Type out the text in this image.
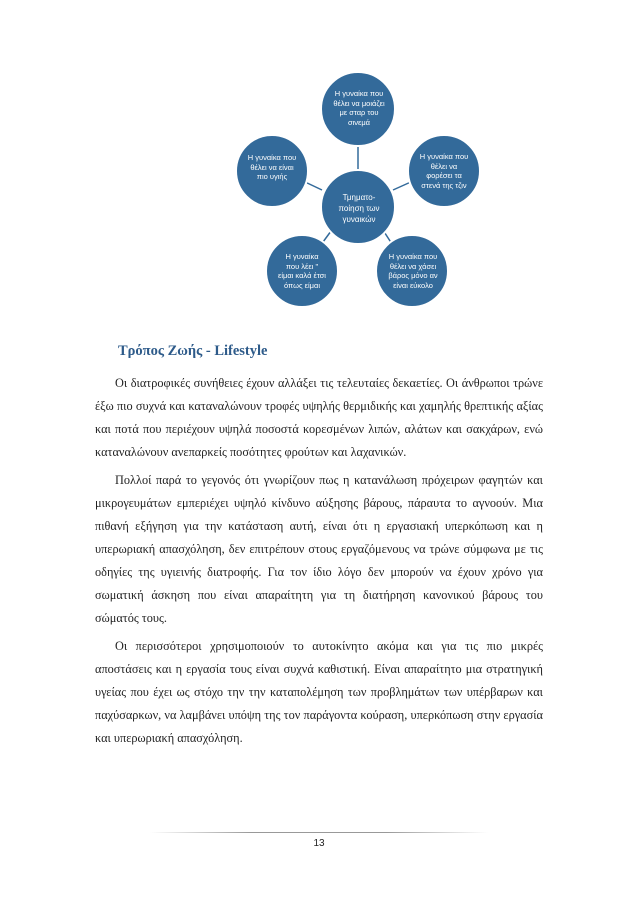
Τμηματο-ποίηση των γυναικών
Η γυναίκα που θέλει να μοιάζει με σταρ του σινεμά
Η γυναίκα που θέλει να φορέσει τα στενά της τζιν
Η γυναίκα που θέλει να χάσει βάρος μόνο αν είναι εύκολο
Η γυναίκα που λέει " είμαι καλά έτσι όπως είμαι
Η γυναίκα που θέλει να είναι πιο υγιής
Τρόπος Ζωής - Lifestyle

Οι διατροφικές συνήθειες έχουν αλλάξει τις τελευταίες δεκαετίες. Οι άνθρωποι τρώνε έξω πιο συχνά και καταναλώνουν τροφές υψηλής θερμιδικής και χαμηλής θρεπτικής αξίας και ποτά που περιέχουν υψηλά ποσοστά κορεσμένων λιπών, αλάτων και σακχάρων, ενώ καταναλώνουν ανεπαρκείς ποσότητες φρούτων και λαχανικών.

Πολλοί παρά το γεγονός ότι γνωρίζουν πως η κατανάλωση πρόχειρων φαγητών και μικρογευμάτων εμπεριέχει υψηλό κίνδυνο αύξησης βάρους, πάραυτα το αγνοούν. Μια πιθανή εξήγηση για την κατάσταση αυτή, είναι ότι η εργασιακή υπερκόπωση και η υπερωριακή απασχόληση, δεν επιτρέπουν στους εργαζόμενους να τρώνε σύμφωνα με τις οδηγίες της υγιεινής διατροφής. Για τον ίδιο λόγο δεν μπορούν να έχουν χρόνο για σωματική άσκηση που είναι απαραίτητη για τη διατήρηση κανονικού βάρους του σώματός τους.

Οι περισσότεροι χρησιμοποιούν το αυτοκίνητο ακόμα και για τις πιο μικρές αποστάσεις και η εργασία τους είναι συχνά καθιστική. Είναι απαραίτητο μια στρατηγική υγείας που έχει ως στόχο την την καταπολέμηση των προβλημάτων των υπέρβαρων και παχύσαρκων, να λαμβάνει υπόψη της τον παράγοντα κούραση, υπερκόπωση στην εργασία και υπερωριακή απασχόληση.

13
